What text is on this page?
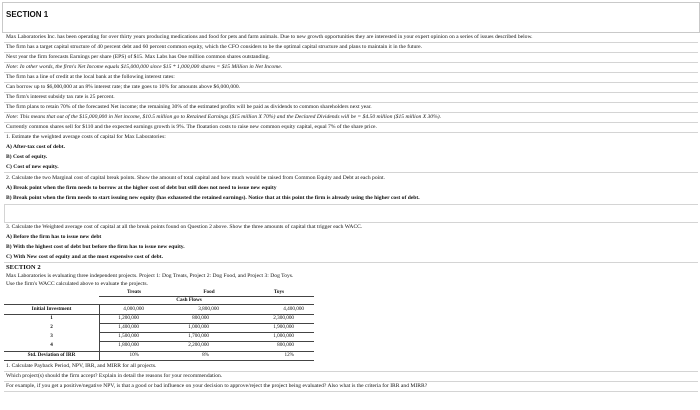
SECTION 1
Max Laboratories Inc. has been operating for over thirty years producing medications and food for pets and farm animals. Due to new growth opportunities they are interested in your expert opinion on a series of issues described below.
The firm has a target capital structure of 40 percent debt and 60 percent common equity, which the CFO considers to be the optimal capital structure and plans to maintain it in the future.
Next year the firm forecasts Earnings per share (EPS) of $15. Max Labs has One million common shares outstanding.
Note: In other words, the firm's Net Income equals $15,000,000 since $15 * 1,000,000 shares = $15 Million in Net Income.
The firm has a line of credit at the local bank at the following interest rates:
Can borrow up to $6,000,000 at an 8% interest rate; the rate goes to 10% for amounts above $6,000,000.
The firm's interest subsidy tax rate is 25 percent.
The firm plans to retain 70% of the forecasted Net income; the remaining 30% of the estimated profits will be paid as dividends to common shareholders next year.
Note: This means that out of the $15,000,000 in Net income, $10.5 million go to Retained Earnings ($15 million X 70%) and the Declared Dividends will be = $4.50 million ($15 million X 30%).
Currently common shares sell for $110 and the expected earnings growth is 9%. The floatation costs to raise new common equity capital, equal 7% of the share price.
1. Estimate the weighted average costs of capital for Max Laboratories:
A) After-tax cost of debt.
B) Cost of equity.
C) Cost of new equity.
2. Calculate the two Marginal cost of capital break points. Show the amount of total capital and how much would be raised from Common Equity and Debt at each point.
A) Break point when the firm needs to borrow at the higher cost of debt but still does not need to issue new equity
B) Break point when the firm needs to start issuing new equity (has exhausted the retained earnings). Notice that at this point the firm is already using the higher cost of debt.
3. Calculate the Weighted average cost of capital at all the break points found on Question 2 above. Show the three amounts of capital that trigger each WACC.
A) Before the firm has to issue new debt
B) With the highest cost of debt but before the firm has to issue new equity.
C) With New cost of equity and at the most expensive cost of debt.
SECTION 2
Max Laboratories is evaluating three independent projects. Project 1: Dog Treats, Project 2: Dog Food, and Project 3: Dog Toys.
Use the firm's WACC calculated above to evaluate the projects.
Treats	Food	Toys
Cash Flows
Initial Investment
1
2
3
4
Std. Deviation of IRR
4,000,000
1,200,000
1,400,000
1,500,000
1,800,000
10%
3,800,000
800,000
1,000,000
1,700,000
2,200,000
8%
4,400,000
2,300,000
1,900,000
1,000,000
800,000
12%
1. Calculate Payback Period, NPV, IRR, and MIRR for all projects.
Which project(s) should the firm accept? Explain in detail the reasons for your recommendation.
For example, if you get a positive/negative NPV, is that a good or bad influence on your decision to approve/reject the project being evaluated? Also what is the criteria for IRR and MIRR?
